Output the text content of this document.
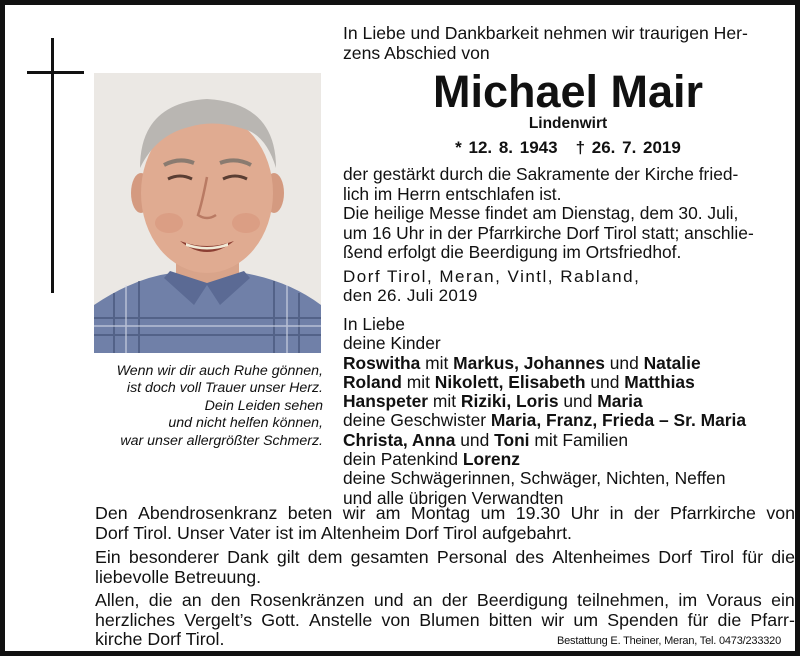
Wenn wir dir auch Ruhe gönnen,
ist doch voll Trauer unser Herz.
Dein Leiden sehen
und nicht helfen können,
war unser allergrößter Schmerz.
In Liebe und Dankbarkeit nehmen wir traurigen Her-
zens Abschied von
Michael Mair
Lindenwirt
* 12. 8. 1943 † 26. 7. 2019
der gestärkt durch die Sakramente der Kirche fried-
lich im Herrn entschlafen ist.
Die heilige Messe findet am Dienstag, dem 30. Juli,
um 16 Uhr in der Pfarrkirche Dorf Tirol statt; anschlie-
ßend erfolgt die Beerdigung im Ortsfriedhof.
Dorf Tirol, Meran, Vintl, Rabland,
den 26. Juli 2019
In Liebe
deine Kinder
Roswitha mit Markus, Johannes und Natalie
Roland mit Nikolett, Elisabeth und Matthias
Hanspeter mit Riziki, Loris und Maria
deine Geschwister Maria, Franz, Frieda – Sr. Maria
Christa, Anna und Toni mit Familien
dein Patenkind Lorenz
deine Schwägerinnen, Schwäger, Nichten, Neffen
und alle übrigen Verwandten
Den Abendrosenkranz beten wir am Montag um 19.30 Uhr in der Pfarrkirche von
Dorf Tirol. Unser Vater ist im Altenheim Dorf Tirol aufgebahrt.
Ein besonderer Dank gilt dem gesamten Personal des Altenheimes Dorf Tirol für die
liebevolle Betreuung.
Allen, die an den Rosenkränzen und an der Beerdigung teilnehmen, im Voraus ein
herzliches Vergelt’s Gott. Anstelle von Blumen bitten wir um Spenden für die Pfarr-
kirche Dorf Tirol.	Bestattung E. Theiner, Meran, Tel. 0473/233320
